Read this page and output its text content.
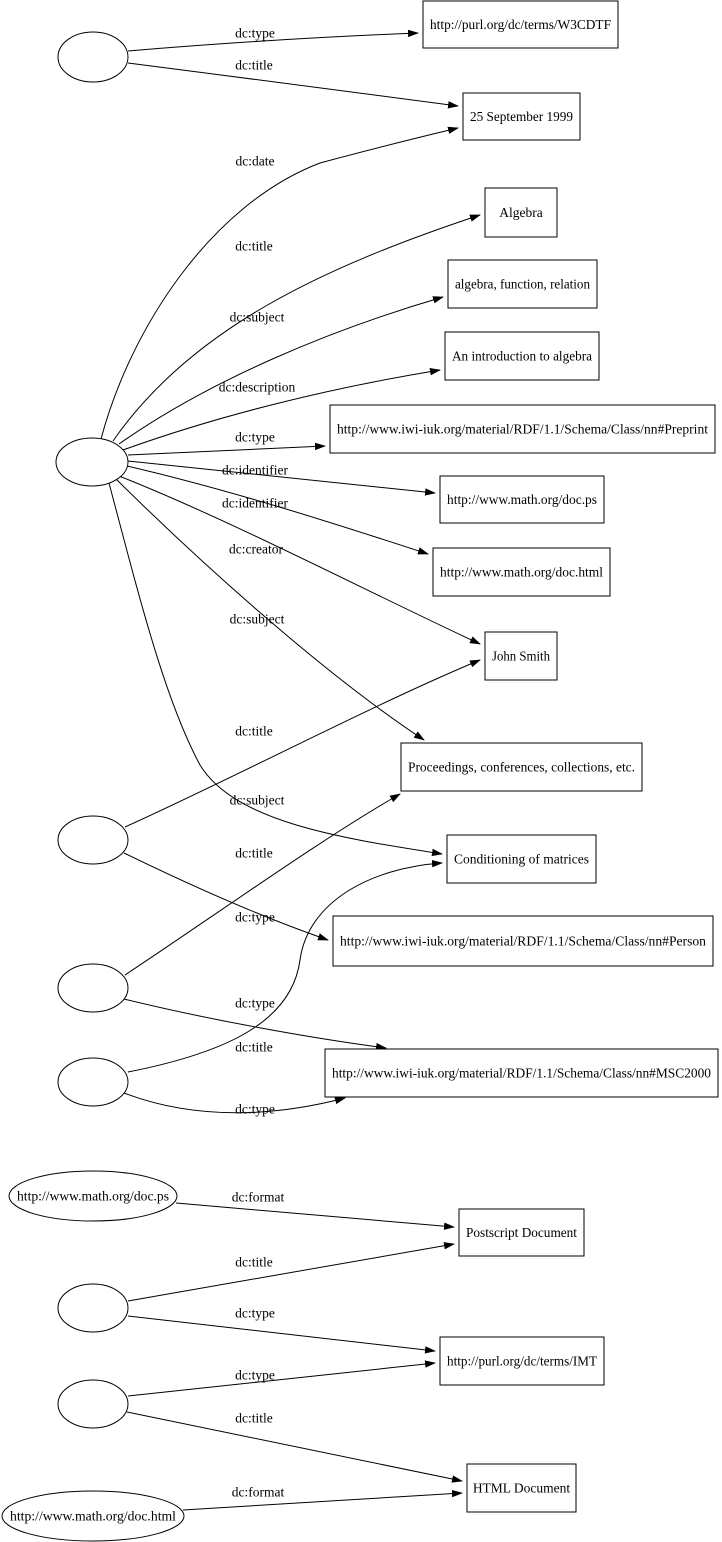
http://www.math.org/doc.ps
http://www.math.org/doc.html
http://purl.org/dc/terms/W3CDTF
25 September 1999
Algebra
algebra, function, relation
An introduction to algebra
http://www.iwi-iuk.org/material/RDF/1.1/Schema/Class/nn#Preprint
http://www.math.org/doc.ps
http://www.math.org/doc.html
John Smith
Proceedings, conferences, collections, etc.
Conditioning of matrices
http://www.iwi-iuk.org/material/RDF/1.1/Schema/Class/nn#Person
http://www.iwi-iuk.org/material/RDF/1.1/Schema/Class/nn#MSC2000
Postscript Document
http://purl.org/dc/terms/IMT
HTML Document
dc:type
dc:title
dc:date
dc:title
dc:subject
dc:description
dc:type
dc:identifier
dc:identifier
dc:creator
dc:subject
dc:subject
dc:title
dc:type
dc:title
dc:type
dc:title
dc:type
dc:format
dc:title
dc:type
dc:type
dc:title
dc:format
